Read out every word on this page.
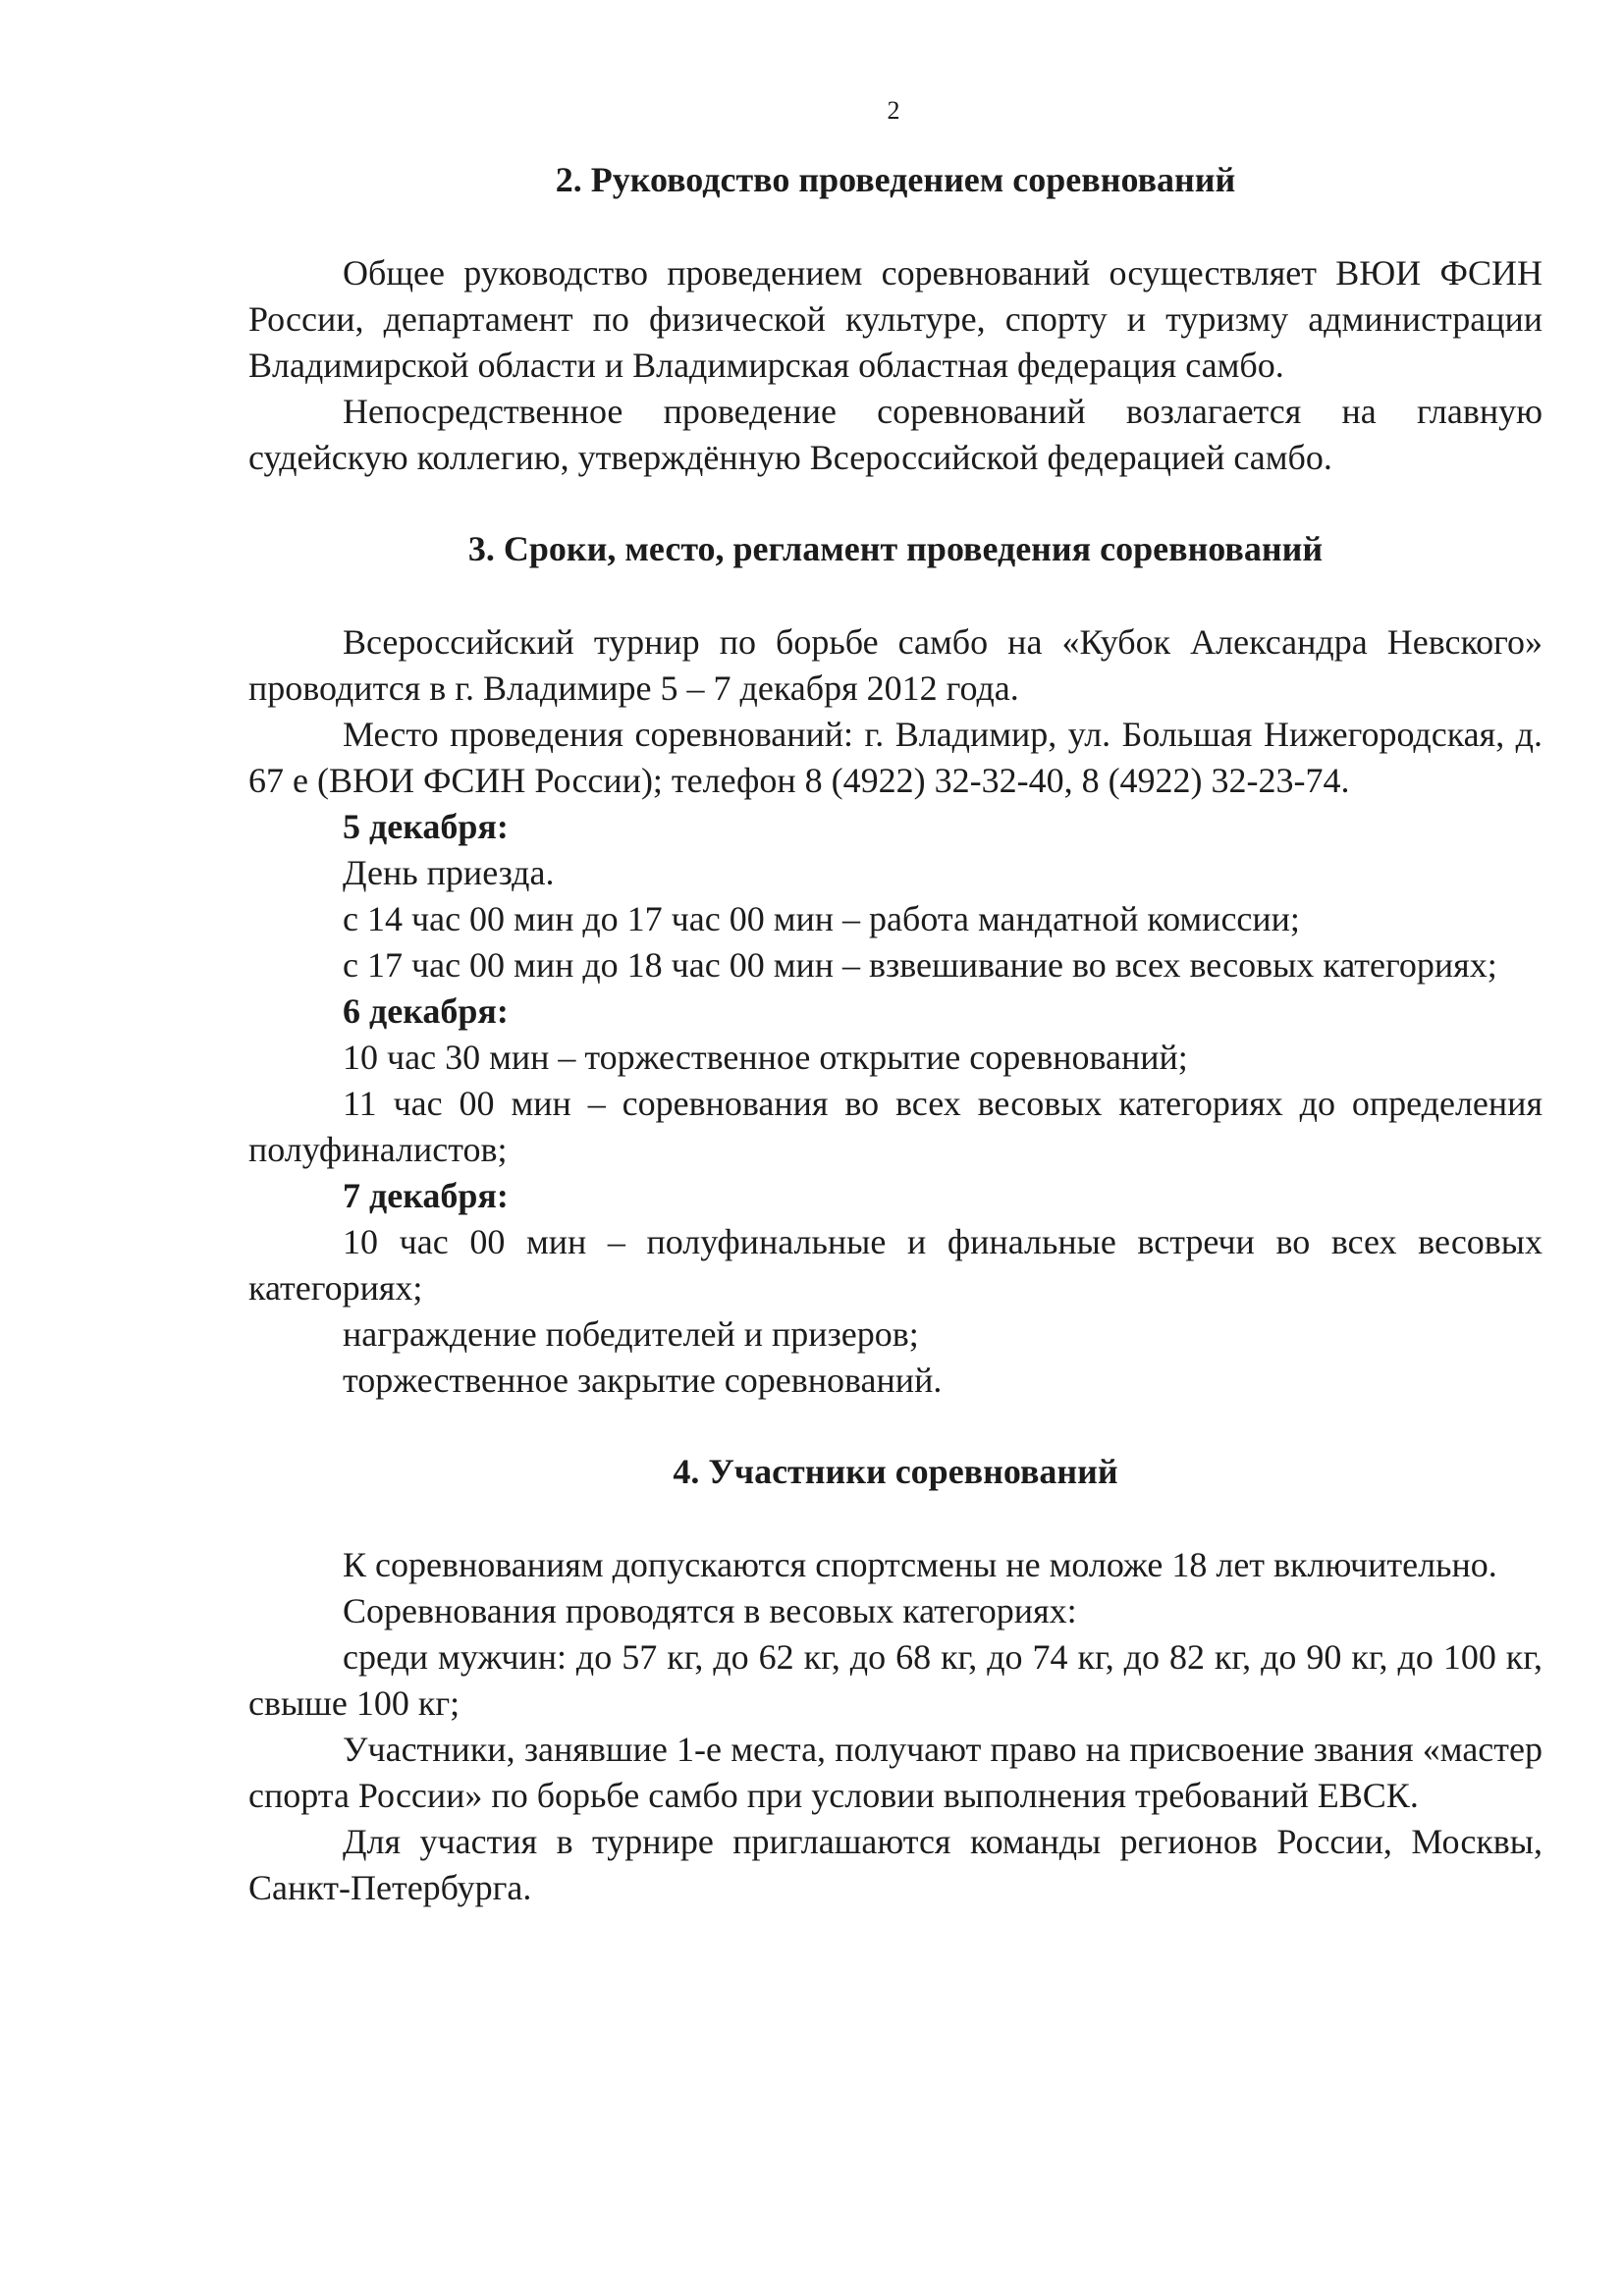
2
2. Руководство проведением соревнований

Общее руководство проведением соревнований осуществляет ВЮИ ФСИН России, департамент по физической культуре, спорту и туризму администрации Владимирской области и Владимирская областная федерация самбо.

Непосредственное проведение соревнований возлагается на главную судейскую коллегию, утверждённую Всероссийской федерацией самбо.

3. Сроки, место, регламент проведения соревнований

Всероссийский турнир по борьбе самбо на «Кубок Александра Невского» проводится в г. Владимире 5 – 7 декабря 2012 года.

Место проведения соревнований: г. Владимир, ул. Большая Нижегородская, д. 67 е (ВЮИ ФСИН России); телефон 8 (4922) 32-32-40, 8 (4922) 32-23-74.

5 декабря:

День приезда.

с 14 час 00 мин до 17 час 00 мин – работа мандатной комиссии;

с 17 час 00 мин до 18 час 00 мин – взвешивание во всех весовых категориях;

6 декабря:

10 час 30 мин – торжественное открытие соревнований;

11 час 00 мин – соревнования во всех весовых категориях до определения полуфиналистов;

7 декабря:

10 час 00 мин – полуфинальные и финальные встречи во всех весовых категориях;

награждение победителей и призеров;

торжественное закрытие соревнований.

4. Участники соревнований

К соревнованиям допускаются спортсмены не моложе 18 лет включительно.

Соревнования проводятся в весовых категориях:

среди мужчин: до 57 кг, до 62 кг, до 68 кг, до 74 кг, до 82 кг, до 90 кг, до 100 кг, свыше 100 кг;

Участники, занявшие 1-е места, получают право на присвоение звания «мастер спорта России» по борьбе самбо при условии выполнения требований ЕВСК.

Для участия в турнире приглашаются команды регионов России, Москвы, Санкт-Петербурга.
